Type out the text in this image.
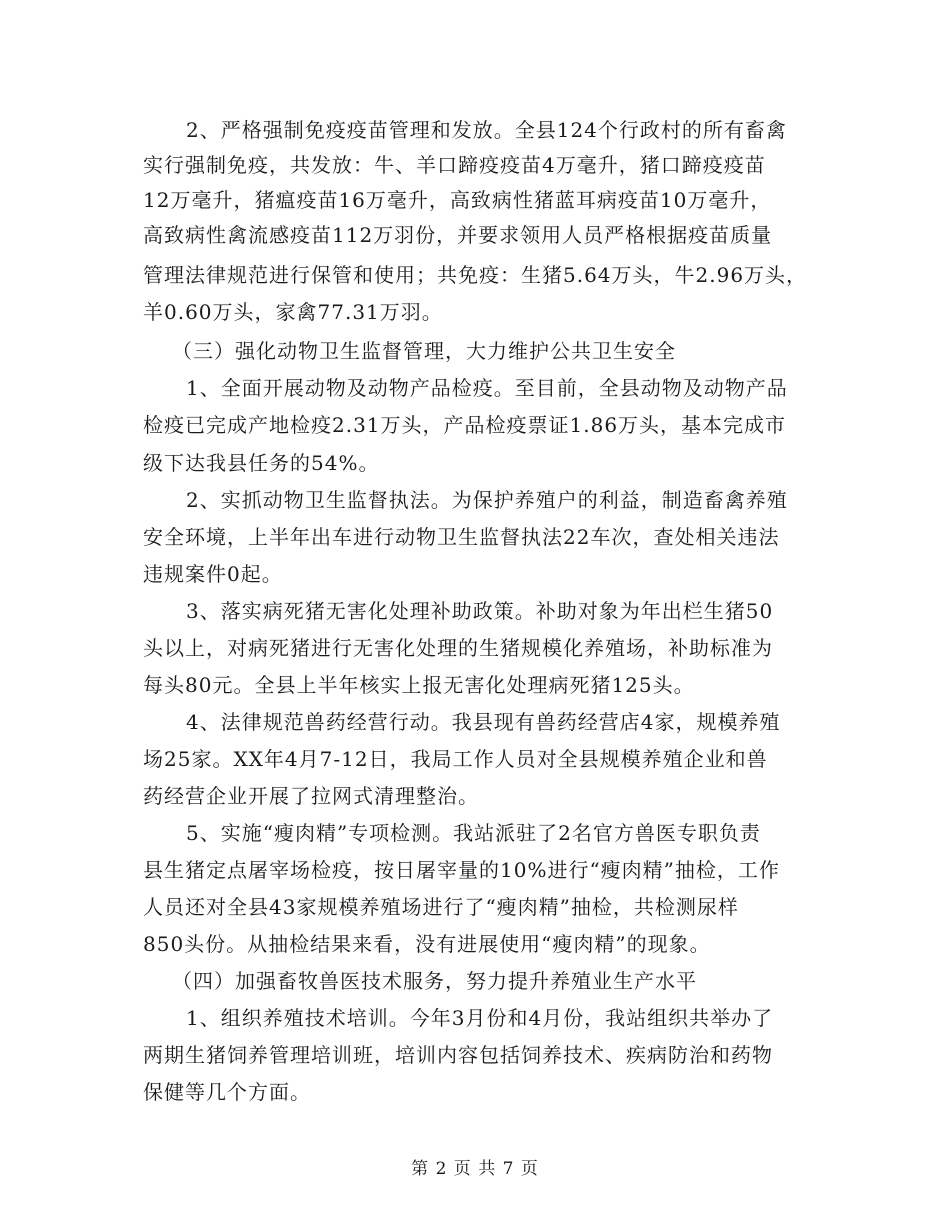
2、严格强制免疫疫苗管理和发放。全县124个行政村的所有畜禽
实行强制免疫，共发放：牛、羊口蹄疫疫苗4万毫升，猪口蹄疫疫苗
12万毫升，猪瘟疫苗16万毫升，高致病性猪蓝耳病疫苗10万毫升，
高致病性禽流感疫苗112万羽份，并要求领用人员严格根据疫苗质量
管理法律规范进行保管和使用；共免疫：生猪5.64万头，牛2.96万头，
羊0.60万头，家禽77.31万羽。
（三）强化动物卫生监督管理，大力维护公共卫生安全
1、全面开展动物及动物产品检疫。至目前，全县动物及动物产品
检疫已完成产地检疫2.31万头，产品检疫票证1.86万头，基本完成市
级下达我县任务的54%。
2、实抓动物卫生监督执法。为保护养殖户的利益，制造畜禽养殖
安全环境，上半年出车进行动物卫生监督执法22车次，查处相关违法
违规案件0起。
3、落实病死猪无害化处理补助政策。补助对象为年出栏生猪50
头以上，对病死猪进行无害化处理的生猪规模化养殖场，补助标准为
每头80元。全县上半年核实上报无害化处理病死猪125头。
4、法律规范兽药经营行动。我县现有兽药经营店4家，规模养殖
场25家。XX年4月7-12日，我局工作人员对全县规模养殖企业和兽
药经营企业开展了拉网式清理整治。
5、实施“瘦肉精”专项检测。我站派驻了2名官方兽医专职负责
县生猪定点屠宰场检疫，按日屠宰量的10%进行“瘦肉精”抽检，工作
人员还对全县43家规模养殖场进行了“瘦肉精”抽检，共检测尿样
850头份。从抽检结果来看，没有进展使用“瘦肉精”的现象。
（四）加强畜牧兽医技术服务，努力提升养殖业生产水平
1、组织养殖技术培训。今年3月份和4月份，我站组织共举办了
两期生猪饲养管理培训班，培训内容包括饲养技术、疾病防治和药物
保健等几个方面。
第 2 页 共 7 页
